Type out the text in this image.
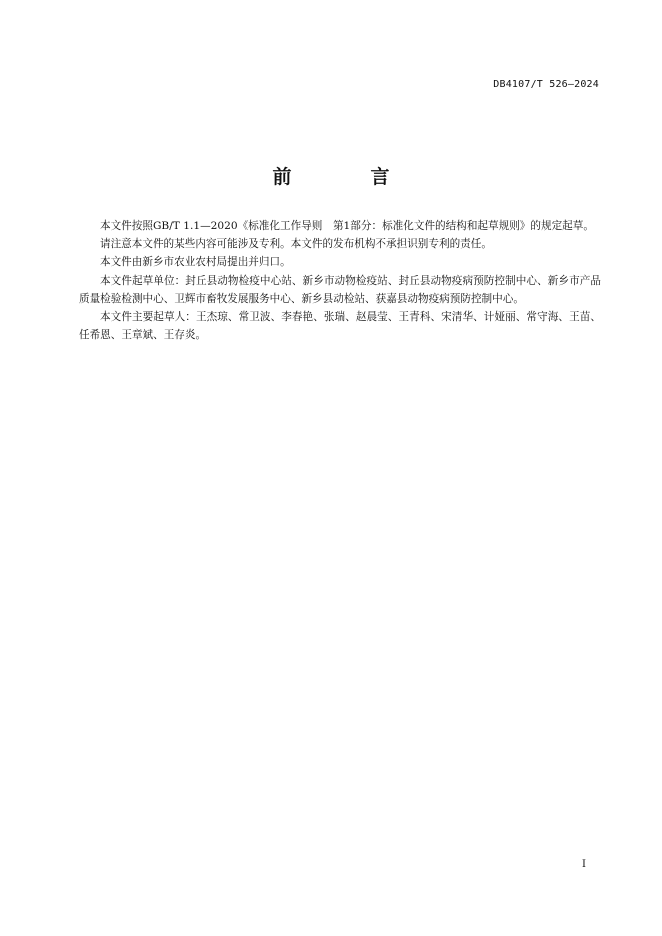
DB4107/T 526—2024
前　言

本文件按照GB/T 1.1—2020《标准化工作导则　第1部分：标准化文件的结构和起草规则》的规定起草。

请注意本文件的某些内容可能涉及专利。本文件的发布机构不承担识别专利的责任。

本文件由新乡市农业农村局提出并归口。

本文件起草单位：封丘县动物检疫中心站、新乡市动物检疫站、封丘县动物疫病预防控制中心、新乡市产品质量检验检测中心、卫辉市畜牧发展服务中心、新乡县动检站、获嘉县动物疫病预防控制中心。

本文件主要起草人：王杰琼、常卫波、李春艳、张瑞、赵晨莹、王青科、宋清华、计娅丽、常守海、王苗、任希恩、王章斌、王存炎。

I
